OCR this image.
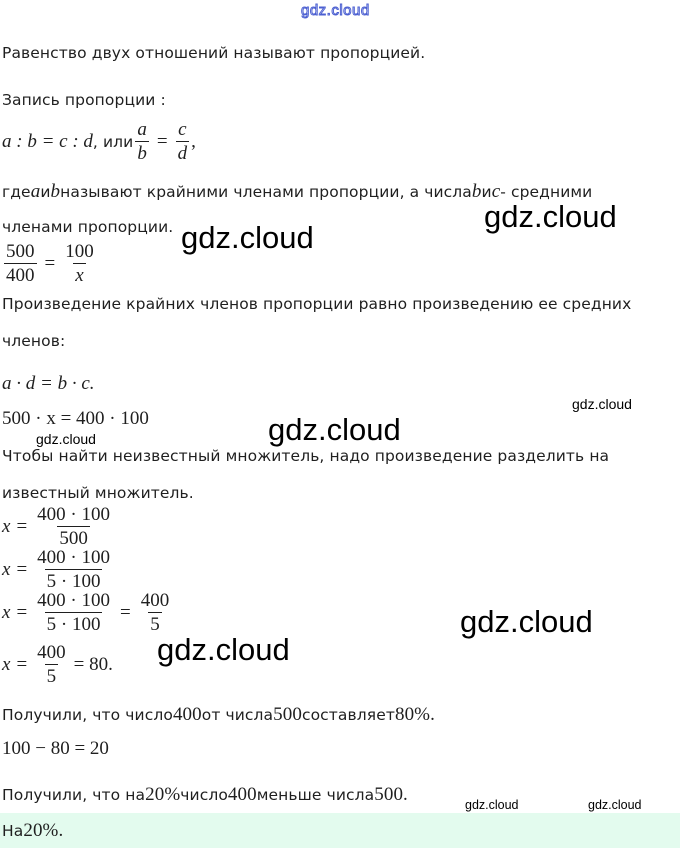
gdz.cloud
Равенство двух отношений называют пропорцией.
Запись пропорции :
a : b = c : d , или $\frac{a}{b} = \frac{c}{d}$ ,
где a и b называют крайними членами пропорции, а числа b и c - средними
членами пропорции.
$\frac{500}{400} = \frac{100}{x}$
Произведение крайних членов пропорции равно произведению ее средних
членов:
a · d = b · c.
500 · x = 400 · 100
Чтобы найти неизвестный множитель, надо произведение разделить на
известный множитель.
$x = \frac{400 \cdot 100}{500}$
$x = \frac{400 \cdot 100}{5 \cdot 100}$
$x = \frac{400 \cdot 100}{5 \cdot 100} = \frac{400}{5}$
$x = \frac{400}{5} = 80$.
Получили, что число 400 от числа 500 составляет 80%.
100 − 80 = 20
Получили, что на 20% число 400 меньше числа 500.
На 20%.
gdz.cloud
gdz.cloud
gdz.cloud
gdz.cloud
gdz.cloud
gdz.cloud
gdz.cloud
gdz.cloud	gdz.cloud
